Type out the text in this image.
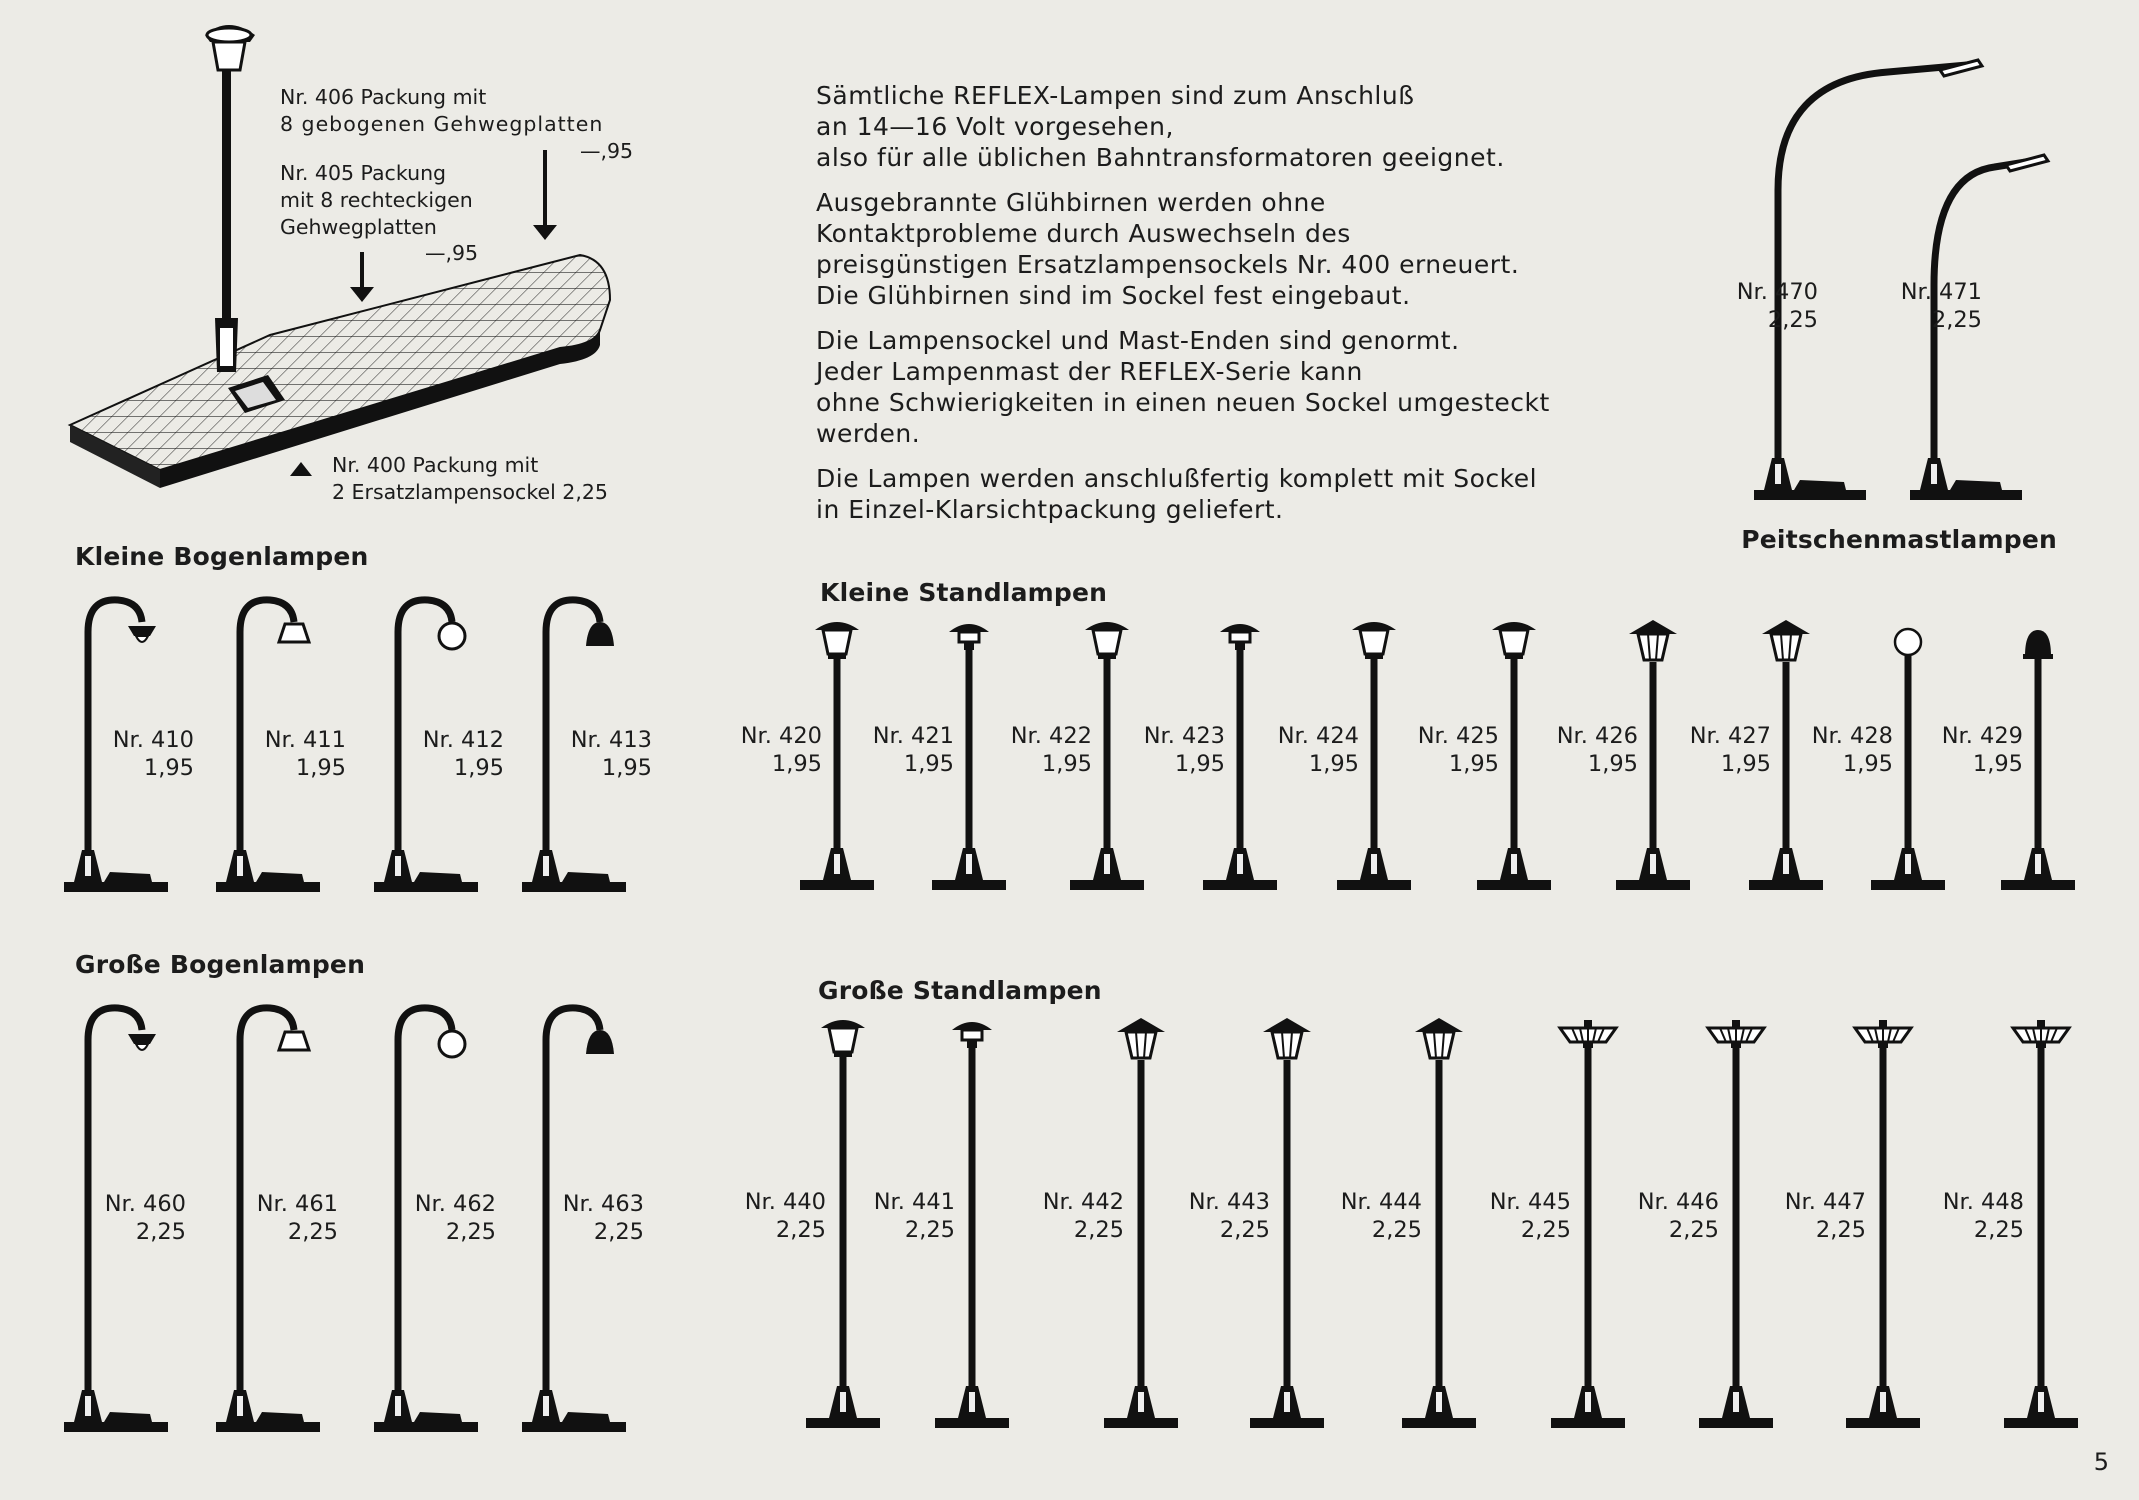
Nr. 406 Packung mit
8 gebogenen Gehwegplatten
—,95
Nr. 405 Packung
mit 8 rechteckigen
Gehwegplatten
—,95
Nr. 400 Packung mit
2 Ersatzlampensockel 2,25

Sämtliche REFLEX-Lampen sind zum Anschluß
an 14—16 Volt vorgesehen,
also für alle üblichen Bahntransformatoren geeignet.

Ausgebrannte Glühbirnen werden ohne
Kontaktprobleme durch Auswechseln des
preisgünstigen Ersatzlampensockels Nr. 400 erneuert.
Die Glühbirnen sind im Sockel fest eingebaut.

Die Lampensockel und Mast-Enden sind genormt.
Jeder Lampenmast der REFLEX-Serie kann
ohne Schwierigkeiten in einen neuen Sockel umgesteckt
werden.

Die Lampen werden anschlußfertig komplett mit Sockel
in Einzel-Klarsichtpackung geliefert.

Peitschenmastlampen
Kleine Bogenlampen
Kleine Standlampen
Große Bogenlampen
Große Standlampen
Nr. 470
2,25
Nr. 471
2,25
Nr. 410
1,95
Nr. 411
1,95
Nr. 412
1,95
Nr. 413
1,95
Nr. 460
2,25
Nr. 461
2,25
Nr. 462
2,25
Nr. 463
2,25
Nr. 420
1,95
Nr. 421
1,95
Nr. 422
1,95
Nr. 423
1,95
Nr. 424
1,95
Nr. 425
1,95
Nr. 426
1,95
Nr. 427
1,95
Nr. 428
1,95
Nr. 429
1,95
Nr. 440
2,25
Nr. 441
2,25
Nr. 442
2,25
Nr. 443
2,25
Nr. 444
2,25
Nr. 445
2,25
Nr. 446
2,25
Nr. 447
2,25
Nr. 448
2,25
5
